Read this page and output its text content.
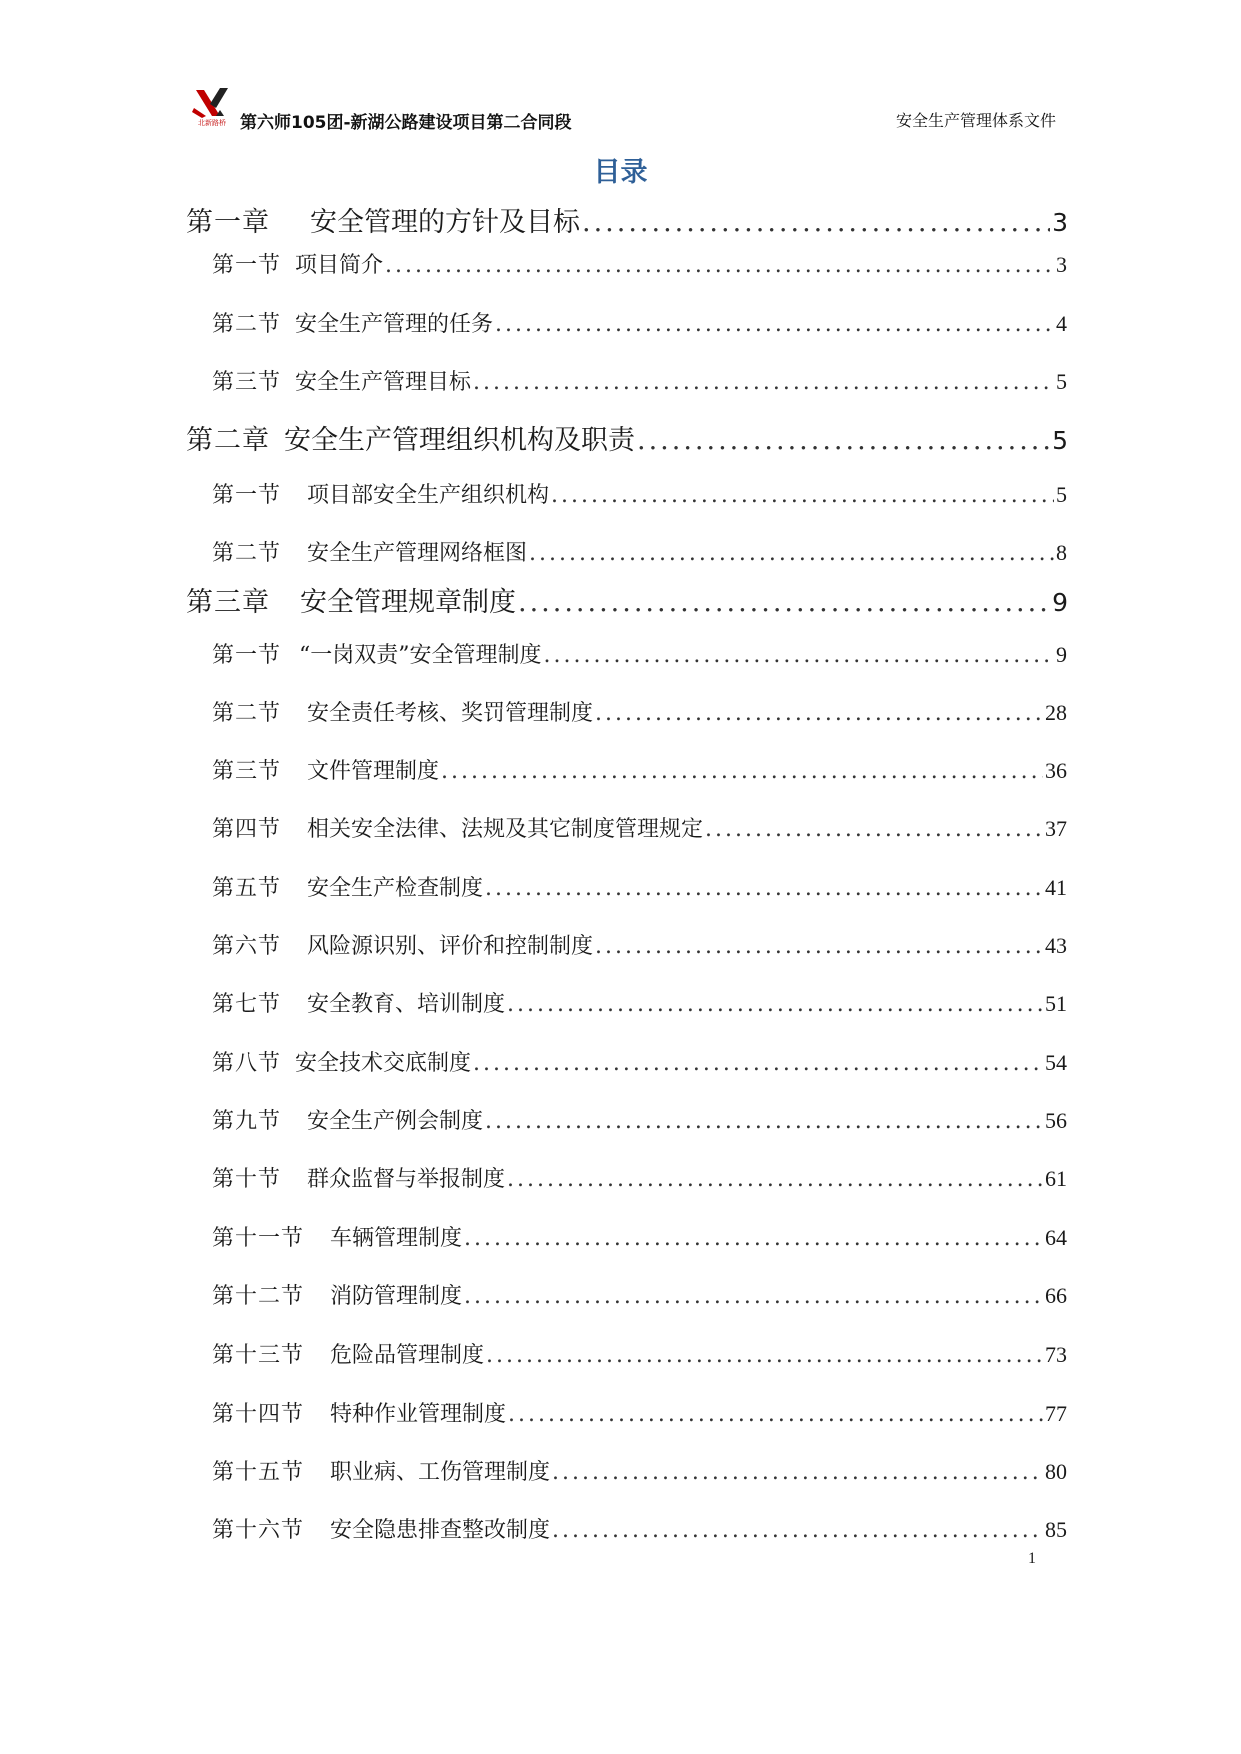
北新路桥 第六师105团-新湖公路建设项目第二合同段	安全生产管理体系文件
目录
第一章 安全管理的方针及目标 .....	3
第一节 项目简介 .....	3
第二节 安全生产管理的任务 .....	4
第三节 安全生产管理目标 .....	5
第二章 安全生产管理组织机构及职责 .....	5
第一节 项目部安全生产组织机构 .....	5
第二节 安全生产管理网络框图 .....	8
第三章 安全管理规章制度 .....	9
第一节 “一岗双责”安全管理制度 .....	9
第二节 安全责任考核、奖罚管理制度 .....	28
第三节 文件管理制度 .....	36
第四节 相关安全法律、法规及其它制度管理规定 .....	37
第五节 安全生产检查制度 .....	41
第六节 风险源识别、评价和控制制度 .....	43
第七节 安全教育、培训制度 .....	51
第八节 安全技术交底制度 .....	54
第九节 安全生产例会制度 .....	56
第十节 群众监督与举报制度 .....	61
第十一节 车辆管理制度 .....	64
第十二节 消防管理制度 .....	66
第十三节 危险品管理制度 .....	73
第十四节 特种作业管理制度 .....	77
第十五节 职业病、工伤管理制度 .....	80
第十六节 安全隐患排查整改制度 .....	85
1
